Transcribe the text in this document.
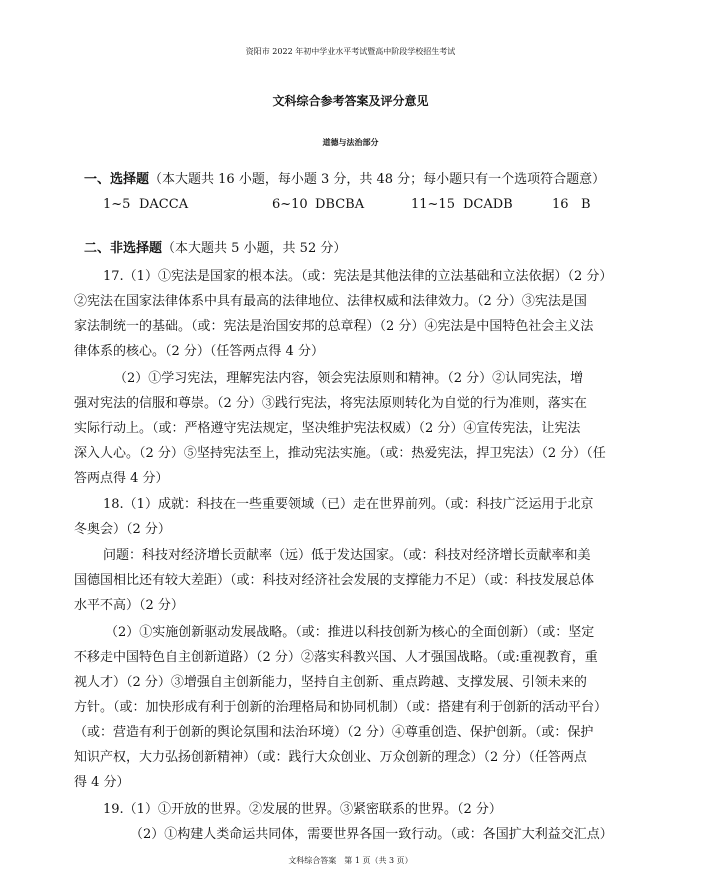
资阳市 2022 年初中学业水平考试暨高中阶段学校招生考试
文科综合参考答案及评分意见
道德与法治部分
一、选择题（本大题共 16 小题，每小题 3 分，共 48 分；每小题只有一个选项符合题意）
1~5 DACCA	6~10 DBCBA	11~15 DCADB	16 B
二、非选择题（本大题共 5 小题，共 52 分）
17.（1）①宪法是国家的根本法。（或：宪法是其他法律的立法基础和立法依据）（2 分）
②宪法在国家法律体系中具有最高的法律地位、法律权威和法律效力。（2 分）③宪法是国
家法制统一的基础。（或：宪法是治国安邦的总章程）（2 分）④宪法是中国特色社会主义法
律体系的核心。（2 分）（任答两点得 4 分）
（2）①学习宪法，理解宪法内容，领会宪法原则和精神。（2 分）②认同宪法，增
强对宪法的信服和尊崇。（2 分）③践行宪法，将宪法原则转化为自觉的行为准则，落实在
实际行动上。（或：严格遵守宪法规定，坚决维护宪法权威）（2 分）④宣传宪法，让宪法
深入人心。（2 分）⑤坚持宪法至上，推动宪法实施。（或：热爱宪法，捍卫宪法）（2 分）（任
答两点得 4 分）
18.（1）成就：科技在一些重要领域（已）走在世界前列。（或：科技广泛运用于北京
冬奥会）（2 分）
问题：科技对经济增长贡献率（远）低于发达国家。（或：科技对经济增长贡献率和美
国德国相比还有较大差距）（或：科技对经济社会发展的支撑能力不足）（或：科技发展总体
水平不高）（2 分）
（2）①实施创新驱动发展战略。（或：推进以科技创新为核心的全面创新）（或：坚定
不移走中国特色自主创新道路）（2 分）②落实科教兴国、人才强国战略。（或:重视教育，重
视人才）（2 分）③增强自主创新能力，坚持自主创新、重点跨越、支撑发展、引领未来的
方针。（或：加快形成有利于创新的治理格局和协同机制）（或：搭建有利于创新的活动平台）
（或：营造有利于创新的舆论氛围和法治环境）（2 分）④尊重创造、保护创新。（或：保护
知识产权，大力弘扬创新精神）（或：践行大众创业、万众创新的理念）（2 分）（任答两点
得 4 分）
19.（1）①开放的世界。②发展的世界。③紧密联系的世界。（2 分）
（2）①构建人类命运共同体，需要世界各国一致行动。（或：各国扩大利益交汇点）
文科综合答案　第 1 页（共 3 页）
